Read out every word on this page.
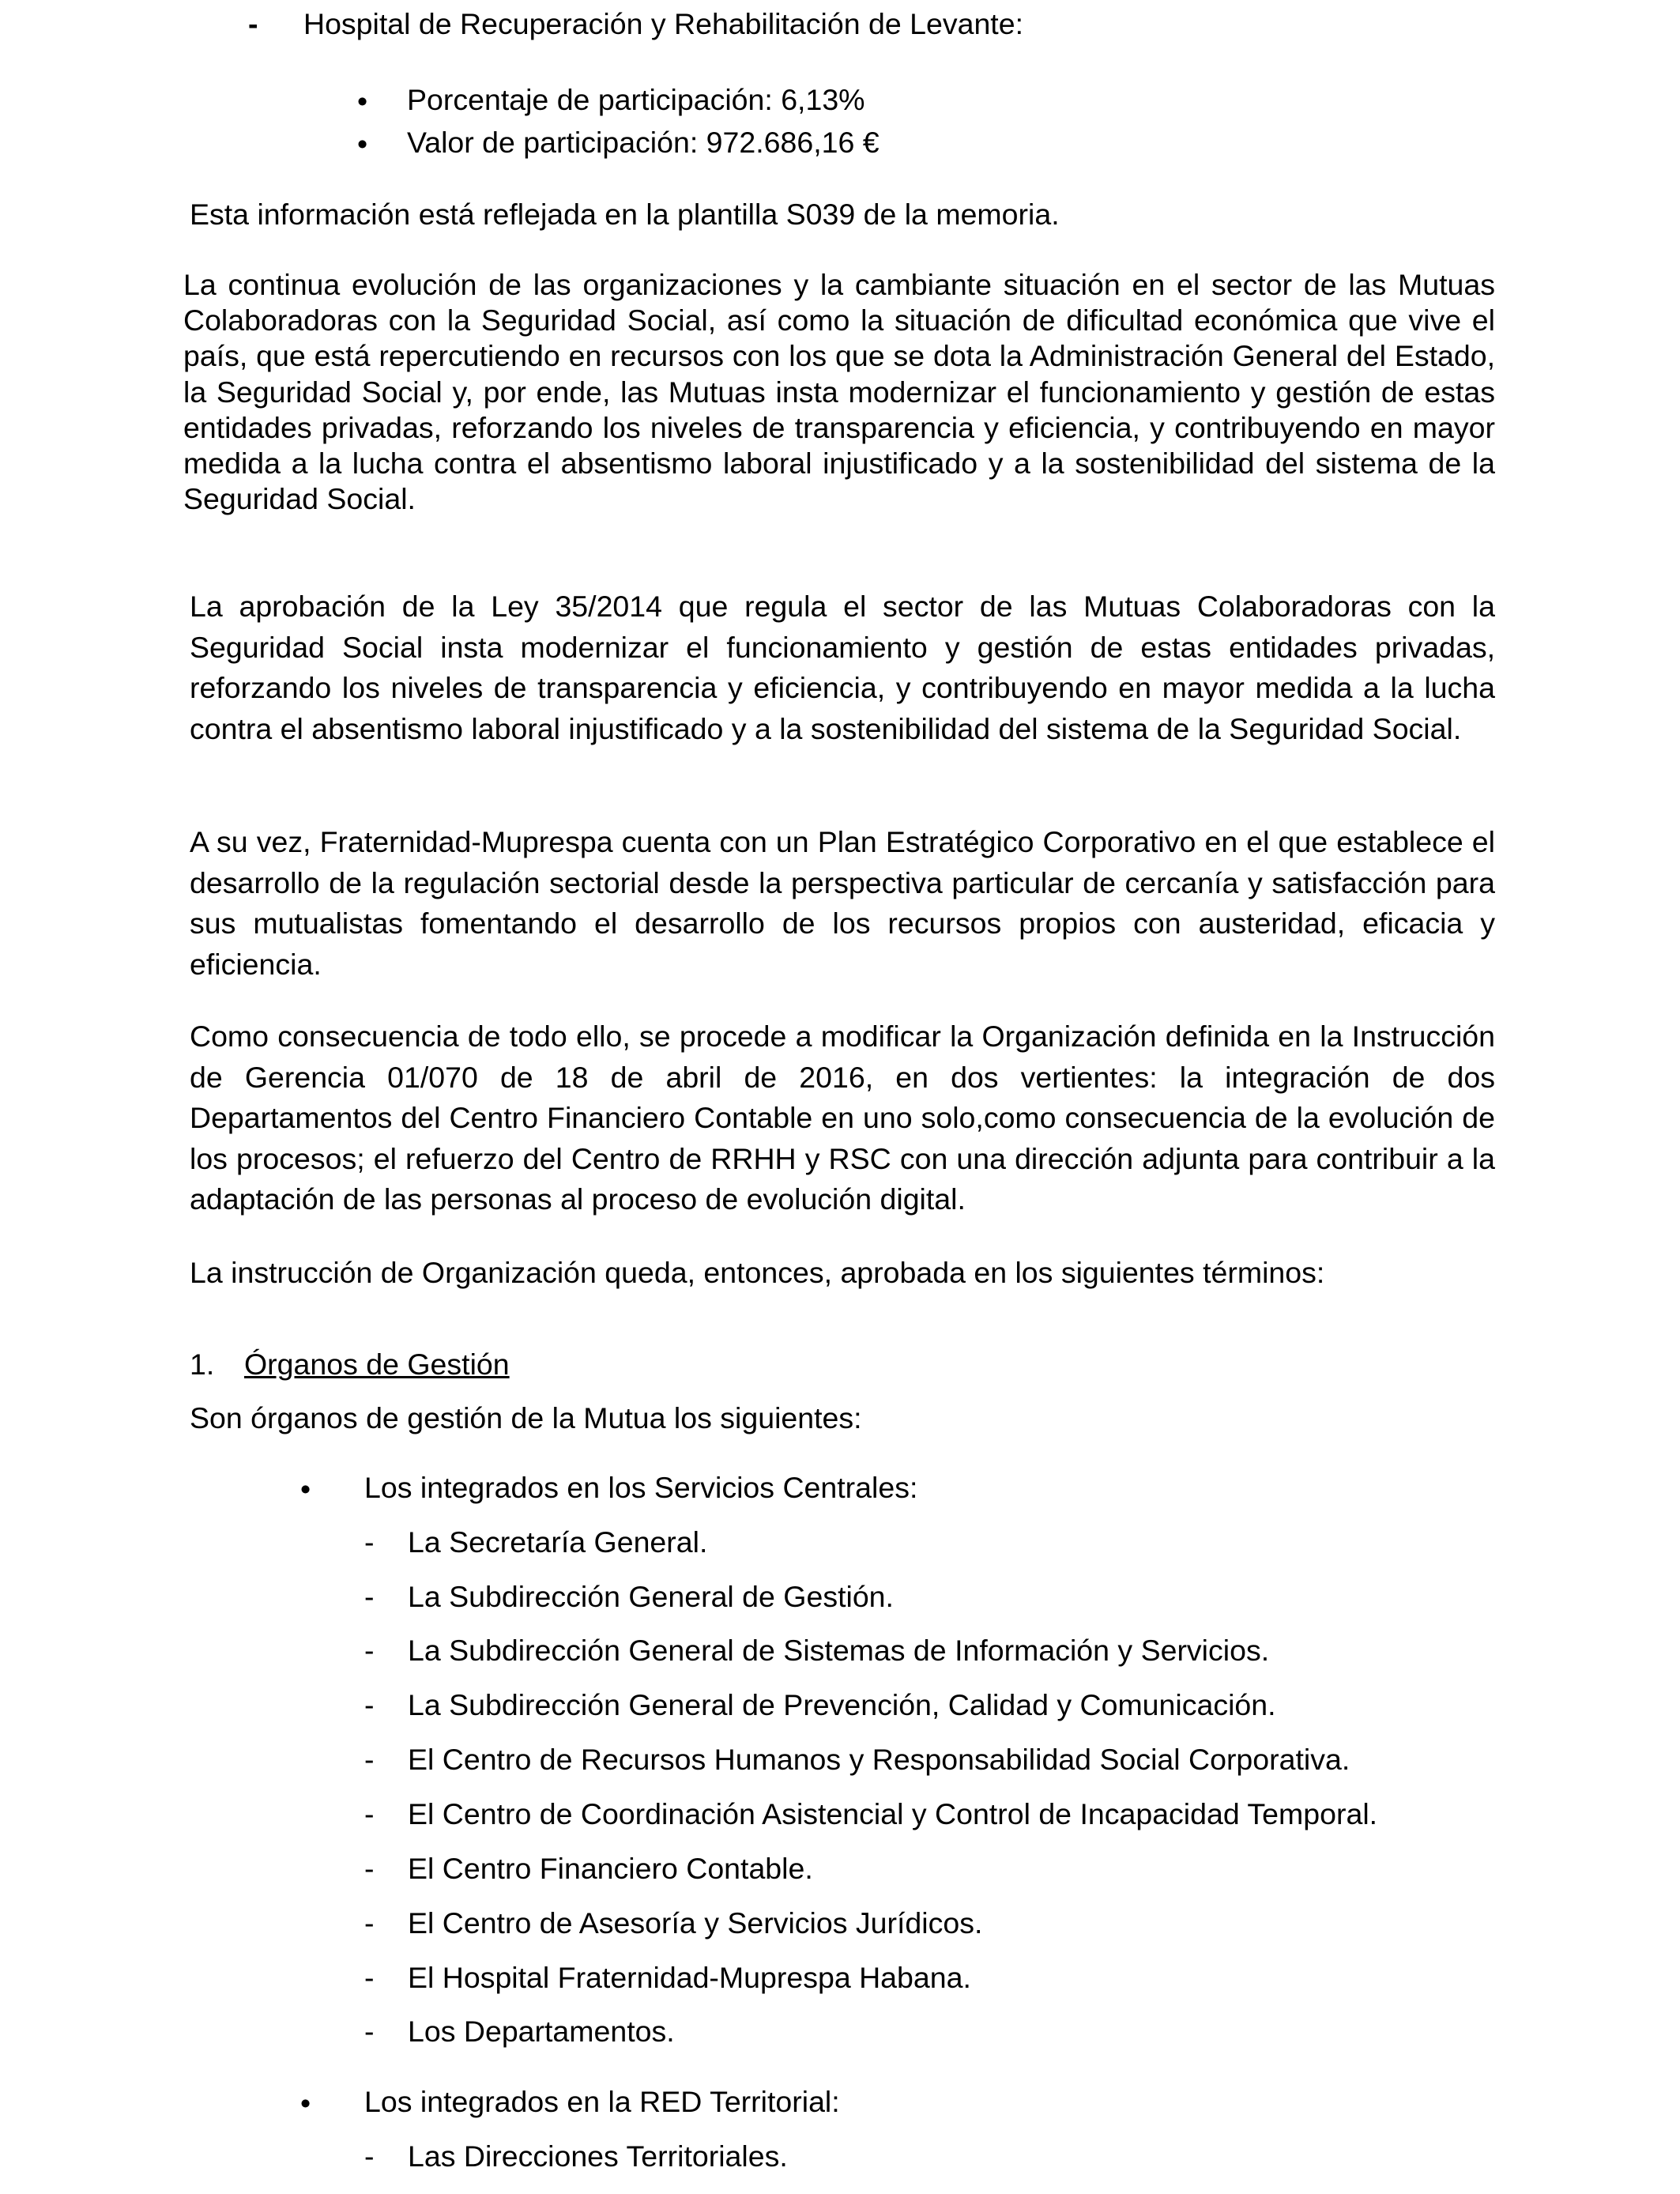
- Hospital de Recuperación y Rehabilitación de Levante:
• Porcentaje de participación: 6,13%
• Valor de participación: 972.686,16 €

Esta información está reflejada en la plantilla S039 de la memoria.

La continua evolución de las organizaciones y la cambiante situación en el sector de las Mutuas Colaboradoras con la Seguridad Social, así como la situación de dificultad económica que vive el país, que está repercutiendo en recursos con los que se dota la Administración General del Estado, la Seguridad Social y, por ende, las Mutuas insta modernizar el funcionamiento y gestión de estas entidades privadas, reforzando los niveles de transparencia y eficiencia, y contribuyendo en mayor medida a la lucha contra el absentismo laboral injustificado y a la sostenibilidad del sistema de la Seguridad Social.

La aprobación de la Ley 35/2014 que regula el sector de las Mutuas Colaboradoras con la Seguridad Social insta modernizar el funcionamiento y gestión de estas entidades privadas, reforzando los niveles de transparencia y eficiencia, y contribuyendo en mayor medida a la lucha contra el absentismo laboral injustificado y a la sostenibilidad del sistema de la Seguridad Social.

A su vez, Fraternidad-Muprespa cuenta con un Plan Estratégico Corporativo en el que establece el desarrollo de la regulación sectorial desde la perspectiva particular de cercanía y satisfacción para sus mutualistas fomentando el desarrollo de los recursos propios con austeridad, eficacia y eficiencia.

Como consecuencia de todo ello, se procede a modificar la Organización definida en la Instrucción de Gerencia 01/070 de 18 de abril de 2016, en dos vertientes: la integración de dos Departamentos del Centro Financiero Contable en uno solo,como consecuencia de la evolución de los procesos; el refuerzo del Centro de RRHH y RSC con una dirección adjunta para contribuir a la adaptación de las personas al proceso de evolución digital.

La instrucción de Organización queda, entonces, aprobada en los siguientes términos:

1. Órganos de Gestión
Son órganos de gestión de la Mutua los siguientes:
• Los integrados en los Servicios Centrales:
- La Secretaría General.
- La Subdirección General de Gestión.
- La Subdirección General de Sistemas de Información y Servicios.
- La Subdirección General de Prevención, Calidad y Comunicación.
- El Centro de Recursos Humanos y Responsabilidad Social Corporativa.
- El Centro de Coordinación Asistencial y Control de Incapacidad Temporal.
- El Centro Financiero Contable.
- El Centro de Asesoría y Servicios Jurídicos.
- El Hospital Fraternidad-Muprespa Habana.
- Los Departamentos.
• Los integrados en la RED Territorial:
- Las Direcciones Territoriales.
